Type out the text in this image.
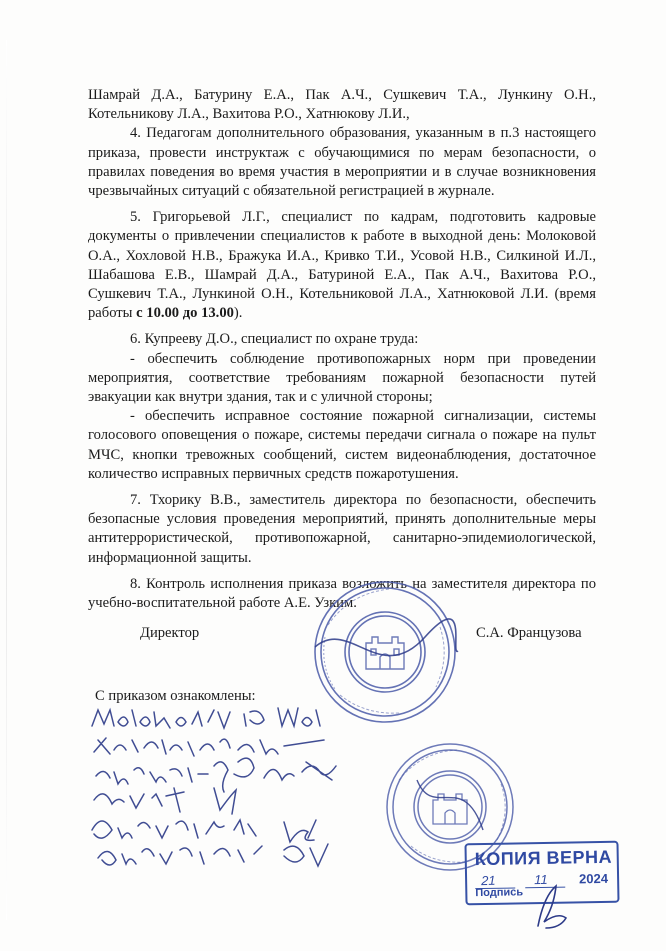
Шамрай Д.А., Батурину Е.А., Пак А.Ч., Сушкевич Т.А., Лункину О.Н., Котельникову Л.А., Вахитова Р.О., Хатнюкову Л.И.,

4. Педагогам дополнительного образования, указанным в п.3 настоящего приказа, провести инструктаж с обучающимися по мерам безопасности, о правилах поведения во время участия в мероприятии и в случае возникновения чрезвычайных ситуаций с обязательной регистрацией в журнале.

5. Григорьевой Л.Г., специалист по кадрам, подготовить кадровые документы о привлечении специалистов к работе в выходной день: Молоковой О.А., Хохловой Н.В., Бражука И.А., Кривко Т.И., Усовой Н.В., Силкиной И.Л., Шабашова Е.В., Шамрай Д.А., Батуриной Е.А., Пак А.Ч., Вахитова Р.О., Сушкевич Т.А., Лункиной О.Н., Котельниковой Л.А., Хатнюковой Л.И. (время работы с 10.00 до 13.00).

6. Купрееву Д.О., специалист по охране труда:

- обеспечить соблюдение противопожарных норм при проведении мероприятия, соответствие требованиям пожарной безопасности путей эвакуации как внутри здания, так и с уличной стороны;

- обеспечить исправное состояние пожарной сигнализации, системы голосового оповещения о пожаре, системы передачи сигнала о пожаре на пульт МЧС, кнопки тревожных сообщений, систем видеонаблюдения, достаточное количество исправных первичных средств пожаротушения.

7. Тхорику В.В., заместитель директора по безопасности, обеспечить безопасные условия проведения мероприятий, принять дополнительные меры антитеррористической, противопожарной, санитарно-эпидемиологической, информационной защиты.

8. Контроль исполнения приказа возложить на заместителя директора по учебно-воспитательной работе А.Е. Узким.

Директор	С.А. Французова
С приказом ознакомлены:
КОПИЯ ВЕРНА
21	11 2024
Подпись
